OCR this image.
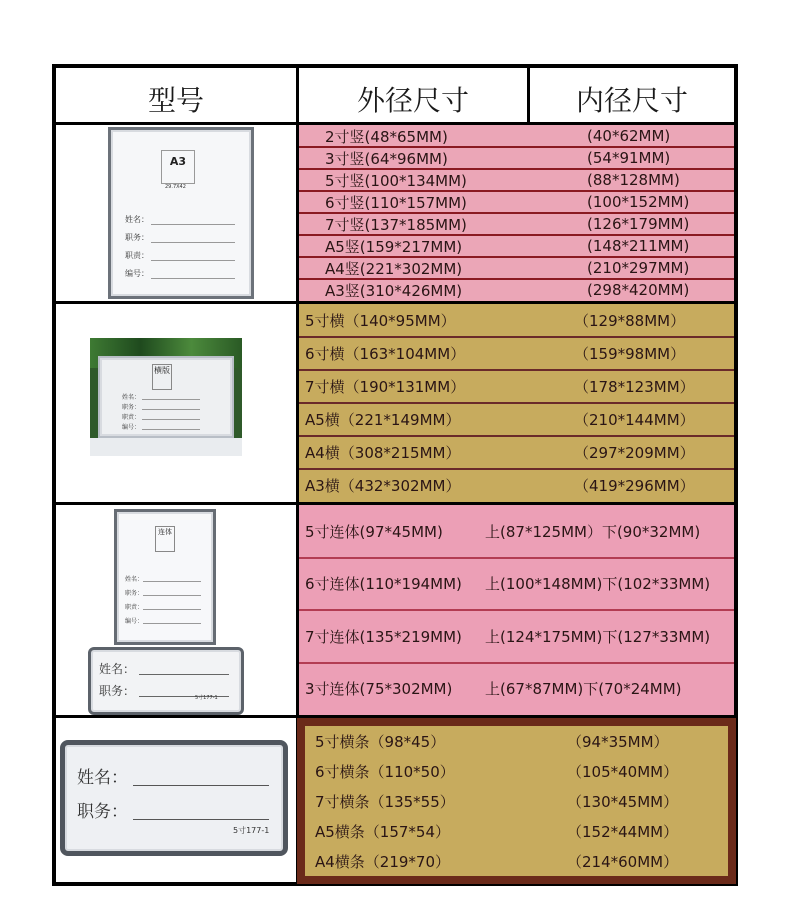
型号	外径尺寸	内径尺寸
A3
29.7X42
姓名：
职务：
职责：
编号：
2寸竖(48*65MM)	(40*62MM)
3寸竖(64*96MM)	(54*91MM)
5寸竖(100*134MM)	(88*128MM)
6寸竖(110*157MM)	(100*152MM)
7寸竖(137*185MM)	(126*179MM)
A5竖(159*217MM)	(148*211MM)
A4竖(221*302MM)	(210*297MM)
A3竖(310*426MM)	(298*420MM)
横版
姓名：
职务：
职责：
编号：
5寸横（140*95MM）	（129*88MM）
6寸横（163*104MM）	（159*98MM）
7寸横（190*131MM）	（178*123MM）
A5横（221*149MM）	（210*144MM）
A4横（308*215MM）	（297*209MM）
A3横（432*302MM）	（419*296MM）
连体
姓名：
职务：
职责：
编号：
姓名：
职务：	5寸177-1
5寸连体(97*45MM)	上(87*125MM）下(90*32MM)
6寸连体(110*194MM) 上(100*148MM)下(102*33MM)
7寸连体(135*219MM) 上(124*175MM)下(127*33MM)
3寸连体(75*302MM) 上(67*87MM)下(70*24MM)
姓名：
职务：
5寸177-1
5寸横条（98*45）	（94*35MM）
6寸横条（110*50）	（105*40MM）
7寸横条（135*55）	（130*45MM）
A5横条（157*54）	（152*44MM）
A4横条（219*70）	（214*60MM）
